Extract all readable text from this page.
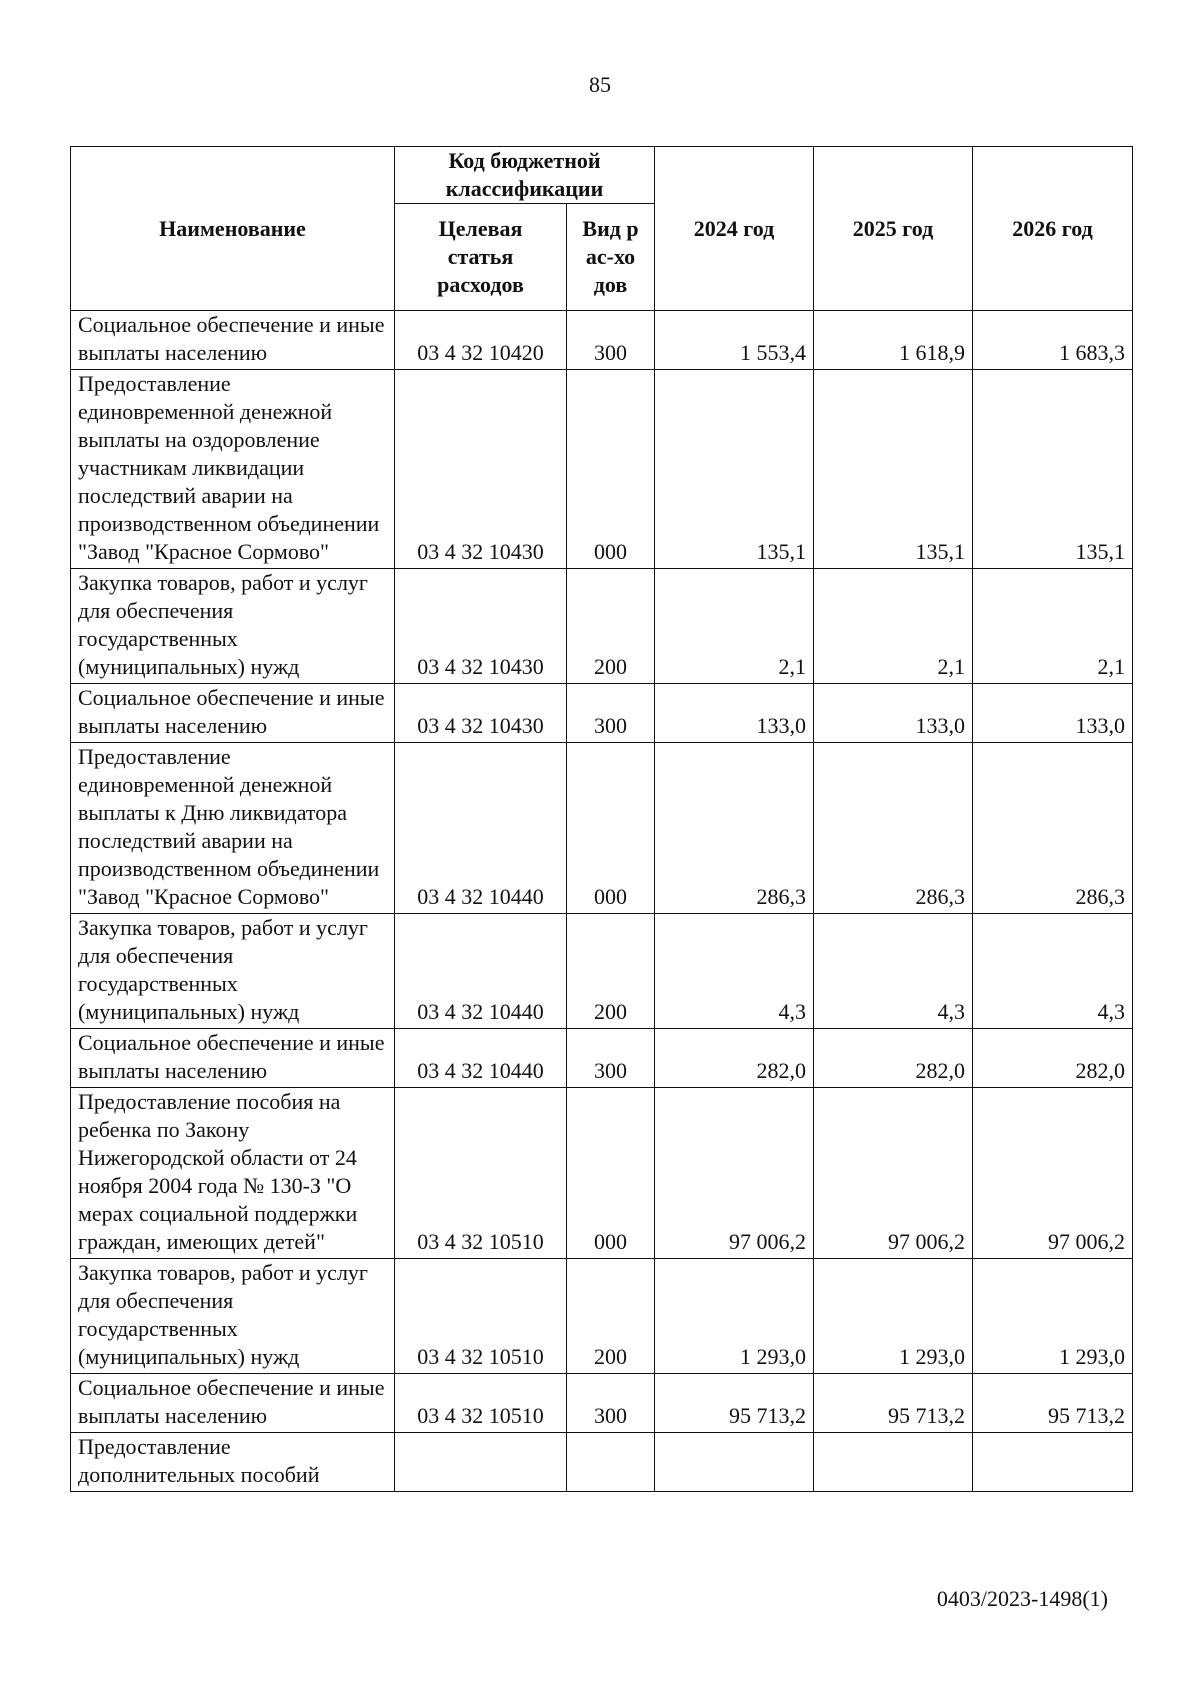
85
Наименование	Код бюджетной классификации		2024 год	2025 год	2026 год
	Целевая статья расходов	Вид рас-ходов			
Социальное обеспечение и иные выплаты населению	03 4 32 10420	300	1 553,4	1 618,9	1 683,3
Предоставление единовременной денежной выплаты на оздоровление участникам ликвидации последствий аварии на производственном объединении "Завод "Красное Сормово"	03 4 32 10430	000	135,1	135,1	135,1
Закупка товаров, работ и услуг для обеспечения государственных (муниципальных) нужд	03 4 32 10430	200	2,1	2,1	2,1
Социальное обеспечение и иные выплаты населению	03 4 32 10430	300	133,0	133,0	133,0
Предоставление единовременной денежной выплаты к Дню ликвидатора последствий аварии на производственном объединении "Завод "Красное Сормово"	03 4 32 10440	000	286,3	286,3	286,3
Закупка товаров, работ и услуг для обеспечения государственных (муниципальных) нужд	03 4 32 10440	200	4,3	4,3	4,3
Социальное обеспечение и иные выплаты населению	03 4 32 10440	300	282,0	282,0	282,0
Предоставление пособия на ребенка по Закону Нижегородской области от 24 ноября 2004 года № 130-З "О мерах социальной поддержки граждан, имеющих детей"	03 4 32 10510	000	97 006,2	97 006,2	97 006,2
Закупка товаров, работ и услуг для обеспечения государственных (муниципальных) нужд	03 4 32 10510	200	1 293,0	1 293,0	1 293,0
Социальное обеспечение и иные выплаты населению	03 4 32 10510	300	95 713,2	95 713,2	95 713,2
Предоставление дополнительных пособий					
0403/2023-1498(1)
